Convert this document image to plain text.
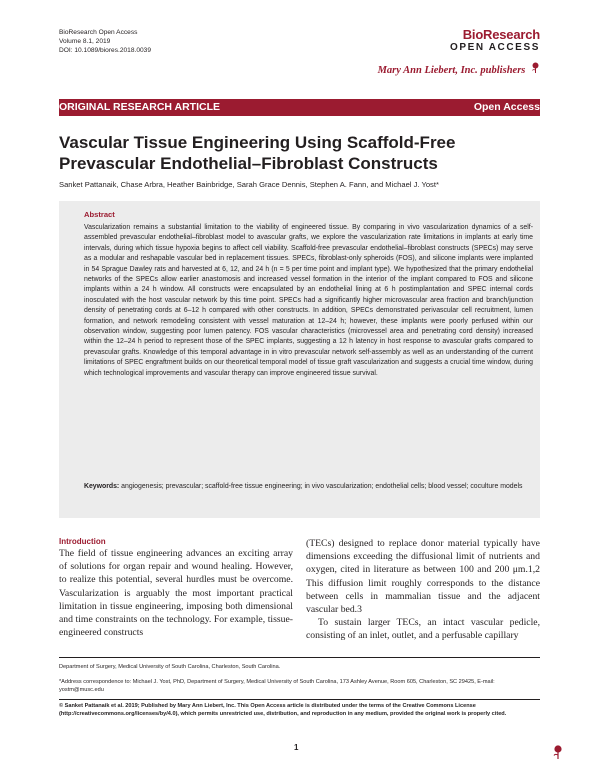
BioResearch Open Access
Volume 8.1, 2019
DOI: 10.1089/biores.2018.0039
BioResearch
OPEN ACCESS
Mary Ann Liebert, Inc. publishers
ORIGINAL RESEARCH ARTICLE	Open Access
Vascular Tissue Engineering Using Scaffold-Free
Prevascular Endothelial–Fibroblast Constructs
Sanket Pattanaik, Chase Arbra, Heather Bainbridge, Sarah Grace Dennis, Stephen A. Fann, and Michael J. Yost*
Abstract
Vascularization remains a substantial limitation to the viability of engineered tissue. By comparing in vivo vascularization dynamics of a self-assembled prevascular endothelial–fibroblast model to avascular grafts, we explore the vascularization rate limitations in implants at early time intervals, during which tissue hypoxia begins to affect cell viability. Scaffold-free prevascular endothelial–fibroblast constructs (SPECs) may serve as a modular and reshapable vascular bed in replacement tissues. SPECs, fibroblast-only spheroids (FOS), and silicone implants were implanted in 54 Sprague Dawley rats and harvested at 6, 12, and 24 h (n = 5 per time point and implant type). We hypothesized that the primary endothelial networks of the SPECs allow earlier anastomosis and increased vessel formation in the interior of the implant compared to FOS and silicone implants within a 24 h window. All constructs were encapsulated by an endothelial lining at 6 h postimplantation and SPEC internal cords inosculated with the host vascular network by this time point. SPECs had a significantly higher microvascular area fraction and branch/junction density of penetrating cords at 6–12 h compared with other constructs. In addition, SPECs demonstrated perivascular cell recruitment, lumen formation, and network remodeling consistent with vessel maturation at 12–24 h; however, these implants were poorly perfused within our observation window, suggesting poor lumen patency. FOS vascular characteristics (microvessel area and penetrating cord density) increased within the 12–24 h period to represent those of the SPEC implants, suggesting a 12 h latency in host response to avascular grafts compared to prevascular grafts. Knowledge of this temporal advantage in in vitro prevascular network self-assembly as well as an understanding of the current limitations of SPEC engraftment builds on our theoretical temporal model of tissue graft vascularization and suggests a crucial time window, during which technological improvements and vascular therapy can improve engineered tissue survival.
Keywords: angiogenesis; prevascular; scaffold-free tissue engineering; in vivo vascularization; endothelial cells; blood vessel; coculture models
Introduction

The field of tissue engineering advances an exciting array of solutions for organ repair and wound healing. However, to realize this potential, several hurdles must be overcome. Vascularization is arguably the most important practical limitation in tissue engineering, imposing both dimensional and time constraints on the technology. For example, tissue-engineered constructs

(TECs) designed to replace donor material typically have dimensions exceeding the diffusional limit of nutrients and oxygen, cited in literature as between 100 and 200 μm.1,2 This diffusion limit roughly corresponds to the distance between cells in mammalian tissue and the adjacent vascular bed.3

To sustain larger TECs, an intact vascular pedicle, consisting of an inlet, outlet, and a perfusable capillary

Department of Surgery, Medical University of South Carolina, Charleston, South Carolina.
*Address correspondence to: Michael J. Yost, PhD, Department of Surgery, Medical University of South Carolina, 173 Ashley Avenue, Room 605, Charleston, SC 29425, E-mail: yostm@musc.edu
© Sanket Pattanaik et al. 2019; Published by Mary Ann Liebert, Inc. This Open Access article is distributed under the terms of the Creative Commons License (http://creativecommons.org/licenses/by/4.0), which permits unrestricted use, distribution, and reproduction in any medium, provided the original work is properly cited.
1
